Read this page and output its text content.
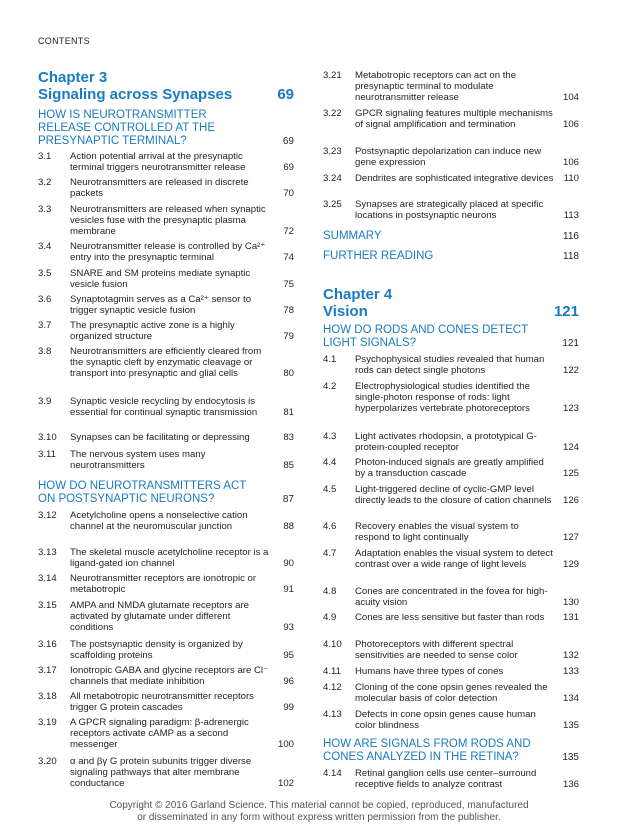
CONTENTS
Chapter 3
Signaling across Synapses	69
HOW IS NEUROTRANSMITTER RELEASE CONTROLLED AT THE PRESYNAPTIC TERMINAL?	69
3.1 Action potential arrival at the presynaptic terminal triggers neurotransmitter release	69
3.2 Neurotransmitters are released in discrete packets	70
3.3 Neurotransmitters are released when synaptic vesicles fuse with the presynaptic plasma membrane	72
3.4 Neurotransmitter release is controlled by Ca²⁺ entry into the presynaptic terminal	74
3.5 SNARE and SM proteins mediate synaptic vesicle fusion	75
3.6 Synaptotagmin serves as a Ca²⁺ sensor to trigger synaptic vesicle fusion	78
3.7 The presynaptic active zone is a highly organized structure	79
3.8 Neurotransmitters are efficiently cleared from the synaptic cleft by enzymatic cleavage or transport into presynaptic and glial cells	80
3.9 Synaptic vesicle recycling by endocytosis is essential for continual synaptic transmission	81
3.10 Synapses can be facilitating or depressing	83
3.11 The nervous system uses many neurotransmitters	85
HOW DO NEUROTRANSMITTERS ACT ON POSTSYNAPTIC NEURONS?	87
3.12 Acetylcholine opens a nonselective cation channel at the neuromuscular junction	88
3.13 The skeletal muscle acetylcholine receptor is a ligand-gated ion channel	90
3.14 Neurotransmitter receptors are ionotropic or metabotropic	91
3.15 AMPA and NMDA glutamate receptors are activated by glutamate under different conditions	93
3.16 The postsynaptic density is organized by scaffolding proteins	95
3.17 Ionotropic GABA and glycine receptors are Cl⁻ channels that mediate inhibition	96
3.18 All metabotropic neurotransmitter receptors trigger G protein cascades	99
3.19 A GPCR signaling paradigm: β-adrenergic receptors activate cAMP as a second messenger	100
3.20 α and βγ G protein subunits trigger diverse signaling pathways that alter membrane conductance	102
3.21 Metabotropic receptors can act on the presynaptic terminal to modulate neurotransmitter release	104
3.22 GPCR signaling features multiple mechanisms of signal amplification and termination	106
3.23 Postsynaptic depolarization can induce new gene expression	106
3.24 Dendrites are sophisticated integrative devices 110
3.25 Synapses are strategically placed at specific locations in postsynaptic neurons	113
SUMMARY	116
FURTHER READING	118
Chapter 4
Vision	121
HOW DO RODS AND CONES DETECT LIGHT SIGNALS?	121
4.1 Psychophysical studies revealed that human rods can detect single photons	122
4.2 Electrophysiological studies identified the single-photon response of rods: light hyperpolarizes vertebrate photoreceptors	123
4.3 Light activates rhodopsin, a prototypical G-protein-coupled receptor	124
4.4 Photon-induced signals are greatly amplified by a transduction cascade	125
4.5 Light-triggered decline of cyclic-GMP level directly leads to the closure of cation channels	126
4.6 Recovery enables the visual system to respond to light continually	127
4.7 Adaptation enables the visual system to detect contrast over a wide range of light levels	129
4.8 Cones are concentrated in the fovea for high-acuity vision	130
4.9 Cones are less sensitive but faster than rods	131
4.10 Photoreceptors with different spectral sensitivities are needed to sense color	132
4.11 Humans have three types of cones	133
4.12 Cloning of the cone opsin genes revealed the molecular basis of color detection	134
4.13 Defects in cone opsin genes cause human color blindness	135
HOW ARE SIGNALS FROM RODS AND CONES ANALYZED IN THE RETINA?	135
4.14 Retinal ganglion cells use center–surround receptive fields to analyze contrast	136
Copyright © 2016 Garland Science. This material cannot be copied, reproduced, manufactured
or disseminated in any form without express written permission from the publisher.
